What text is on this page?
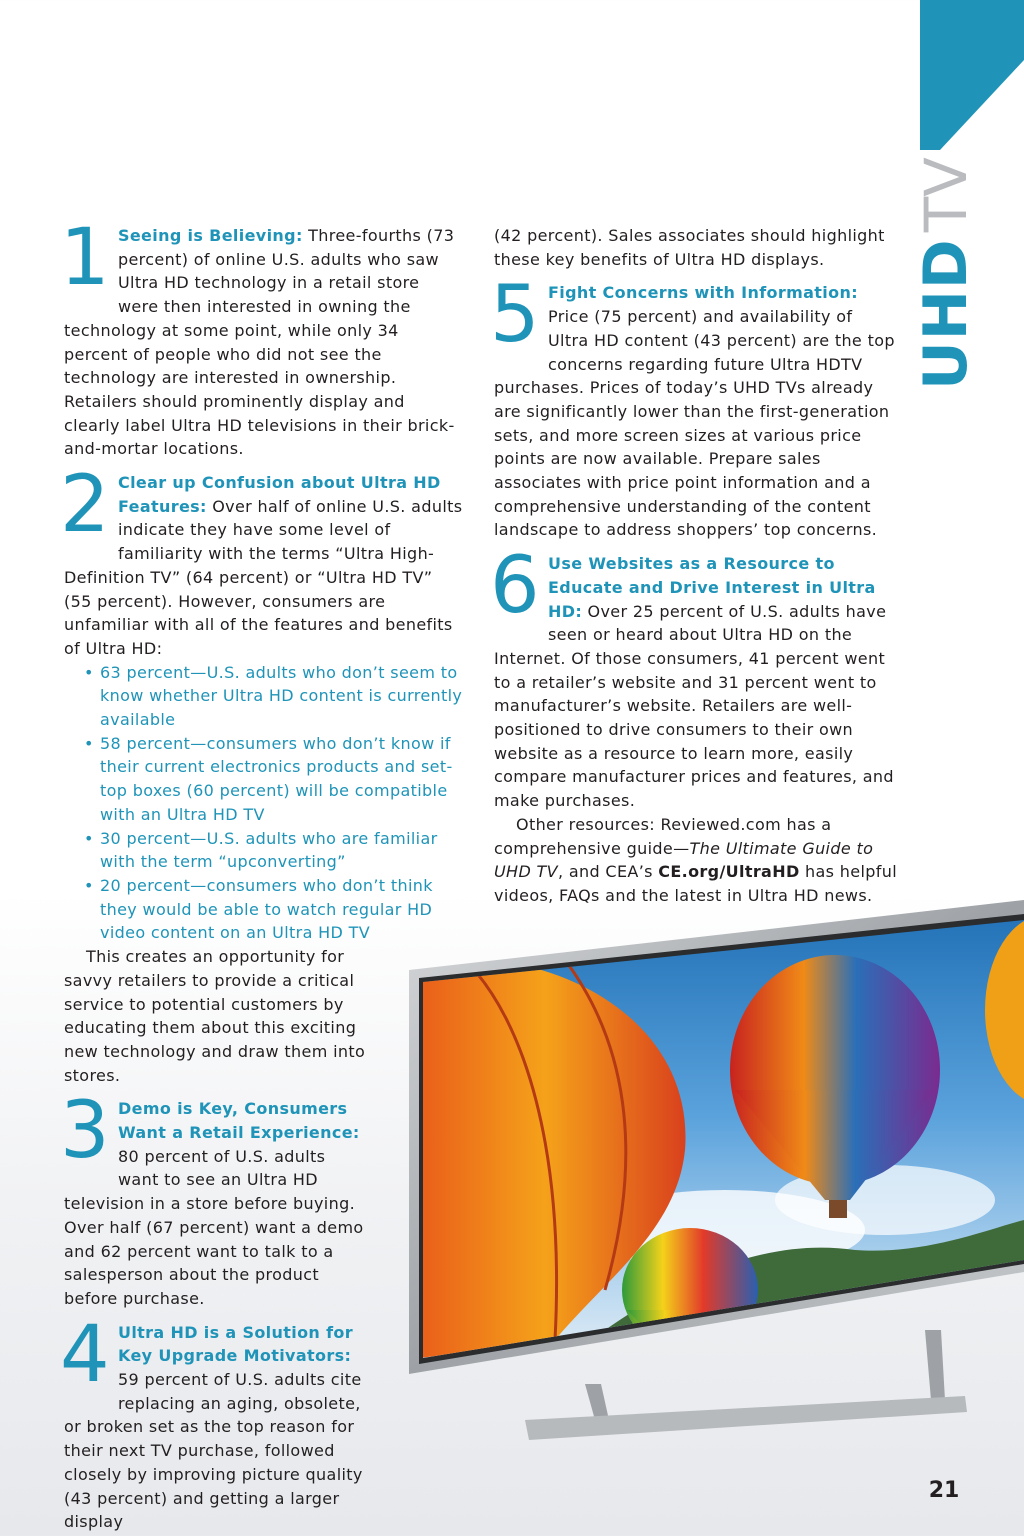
UHDTV
1 Seeing is Believing: Three-fourths (73 percent) of online U.S. adults who saw Ultra HD technology in a retail store were then interested in owning the technology at some point, while only 34 percent of people who did not see the technology are interested in ownership. Retailers should prominently display and clearly label Ultra HD televisions in their brick-and-mortar locations.

2 Clear up Confusion about Ultra HD Features: Over half of online U.S. adults indicate they have some level of familiarity with the terms “Ultra High-Definition TV” (64 percent) or “Ultra HD TV” (55 percent). However, consumers are unfamiliar with all of the features and benefits of Ultra HD:

• 63 percent—U.S. adults who don’t seem to know whether Ultra HD content is currently available
• 58 percent—consumers who don’t know if their current electronics products and set-top boxes (60 percent) will be compatible with an Ultra HD TV
• 30 percent—U.S. adults who are familiar with the term “upconverting”
• 20 percent—consumers who don’t think they would be able to watch regular HD video content on an Ultra HD TV

This creates an opportunity for savvy retailers to provide a critical service to potential customers by educating them about this exciting new technology and draw them into stores.

3 Demo is Key, Consumers Want a Retail Experience: 80 percent of U.S. adults want to see an Ultra HD television in a store before buying. Over half (67 percent) want a demo and 62 percent want to talk to a salesperson about the product before purchase.

4 Ultra HD is a Solution for Key Upgrade Motivators: 59 percent of U.S. adults cite replacing an aging, obsolete, or broken set as the top reason for their next TV purchase, followed closely by improving picture quality (43 percent) and getting a larger display

(42 percent). Sales associates should highlight these key benefits of Ultra HD displays.

5 Fight Concerns with Information: Price (75 percent) and availability of Ultra HD content (43 percent) are the top concerns regarding future Ultra HDTV purchases. Prices of today’s UHD TVs already are significantly lower than the first-generation sets, and more screen sizes at various price points are now available. Prepare sales associates with price point information and a comprehensive understanding of the content landscape to address shoppers’ top concerns.

6 Use Websites as a Resource to Educate and Drive Interest in Ultra HD: Over 25 percent of U.S. adults have seen or heard about Ultra HD on the Internet. Of those consumers, 41 percent went to a retailer’s website and 31 percent went to manufacturer’s website. Retailers are well-positioned to drive consumers to their own website as a resource to learn more, easily compare manufacturer prices and features, and make purchases.

Other resources: Reviewed.com has a comprehensive guide—The Ultimate Guide to UHD TV, and CEA’s CE.org/UltraHD has helpful videos, FAQs and the latest in Ultra HD news.

21
